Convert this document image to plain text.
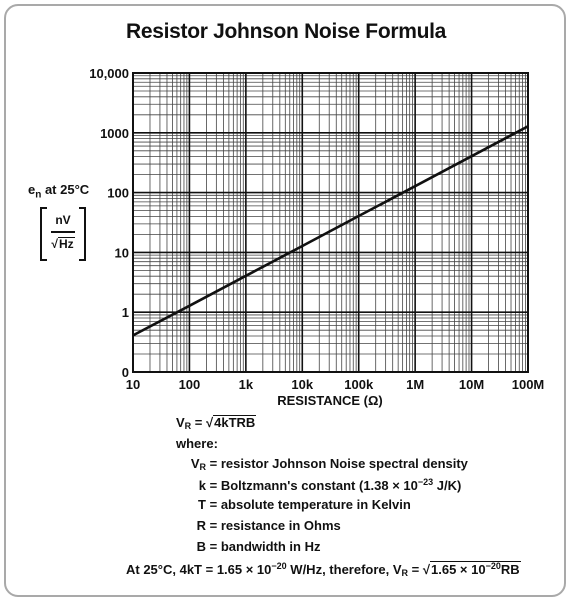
Resistor Johnson Noise Formula
10	100	1k	10k 100k	1M	10M 100M
0
1
10
100
1000
10,000
RESISTANCE (Ω)
$e_n$ at 25°C
nV
√Hz
$V_R$ = √4kTRB
where:
$V_R$ = resistor Johnson Noise spectral density
k = Boltzmann's constant ($1.38 \times 10^{-23}$ J/K)
T = absolute temperature in Kelvin
R = resistance in Ohms
B = bandwidth in Hz
At 25°C, $4kT = 1.65 \times 10^{-20}$ W/Hz, therefore, $V_R = √1.65 \times 10^{-20}RB$
